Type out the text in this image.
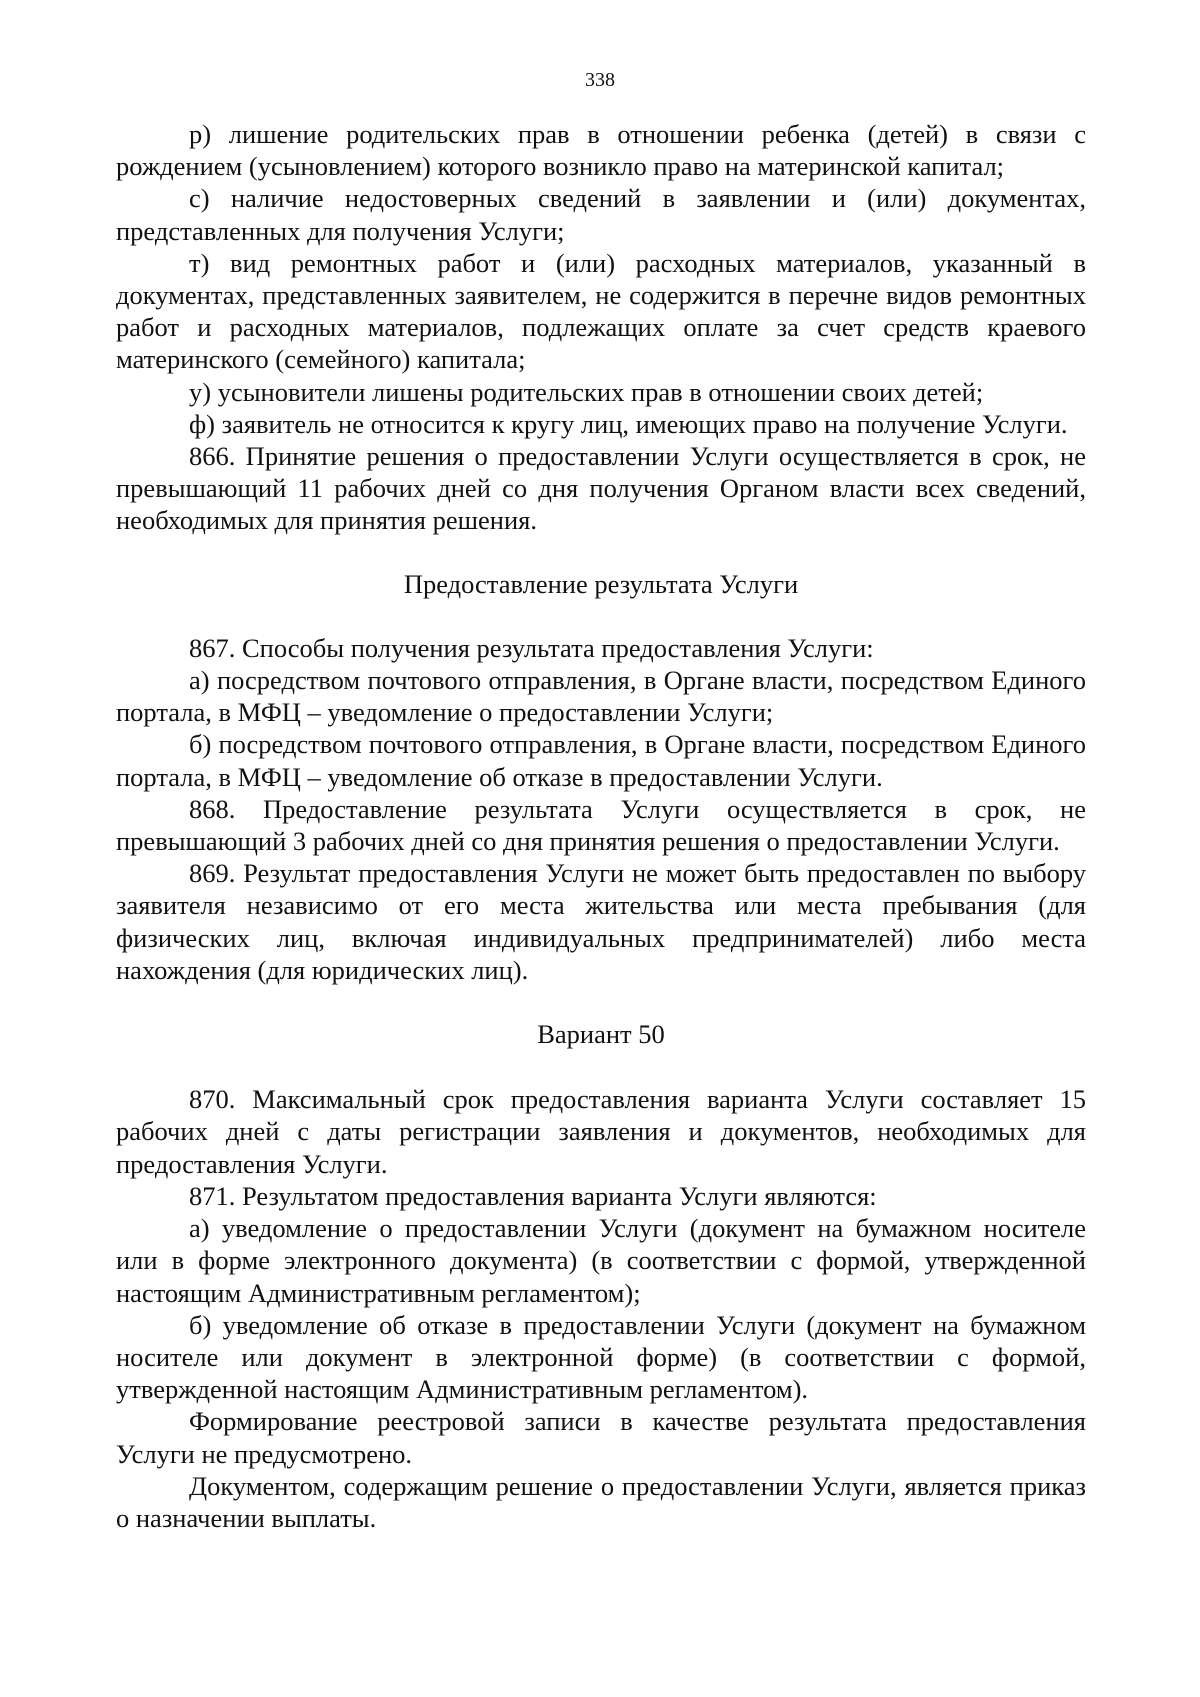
338

р) лишение родительских прав в отношении ребенка (детей) в связи с рождением (усыновлением) которого возникло право на материнской капитал;

с) наличие недостоверных сведений в заявлении и (или) документах, представленных для получения Услуги;

т) вид ремонтных работ и (или) расходных материалов, указанный в документах, представленных заявителем, не содержится в перечне видов ремонтных работ и расходных материалов, подлежащих оплате за счет средств краевого материнского (семейного) капитала;

у) усыновители лишены родительских прав в отношении своих детей;

ф) заявитель не относится к кругу лиц, имеющих право на получение Услуги.

866. Принятие решения о предоставлении Услуги осуществляется в срок, не превышающий 11 рабочих дней со дня получения Органом власти всех сведений, необходимых для принятия решения.

Предоставление результата Услуги

867. Способы получения результата предоставления Услуги:

а) посредством почтового отправления, в Органе власти, посредством Единого портала, в МФЦ – уведомление о предоставлении Услуги;

б) посредством почтового отправления, в Органе власти, посредством Единого портала, в МФЦ – уведомление об отказе в предоставлении Услуги.

868. Предоставление результата Услуги осуществляется в срок, не превышающий 3 рабочих дней со дня принятия решения о предоставлении Услуги.

869. Результат предоставления Услуги не может быть предоставлен по выбору заявителя независимо от его места жительства или места пребывания (для физических лиц, включая индивидуальных предпринимателей) либо места нахождения (для юридических лиц).

Вариант 50

870. Максимальный срок предоставления варианта Услуги составляет 15 рабочих дней с даты регистрации заявления и документов, необходимых для предоставления Услуги.

871. Результатом предоставления варианта Услуги являются:

а) уведомление о предоставлении Услуги (документ на бумажном носителе или в форме электронного документа) (в соответствии с формой, утвержденной настоящим Административным регламентом);

б) уведомление об отказе в предоставлении Услуги (документ на бумажном носителе или документ в электронной форме) (в соответствии с формой, утвержденной настоящим Административным регламентом).

Формирование реестровой записи в качестве результата предоставления Услуги не предусмотрено.

Документом, содержащим решение о предоставлении Услуги, является приказ о назначении выплаты.
